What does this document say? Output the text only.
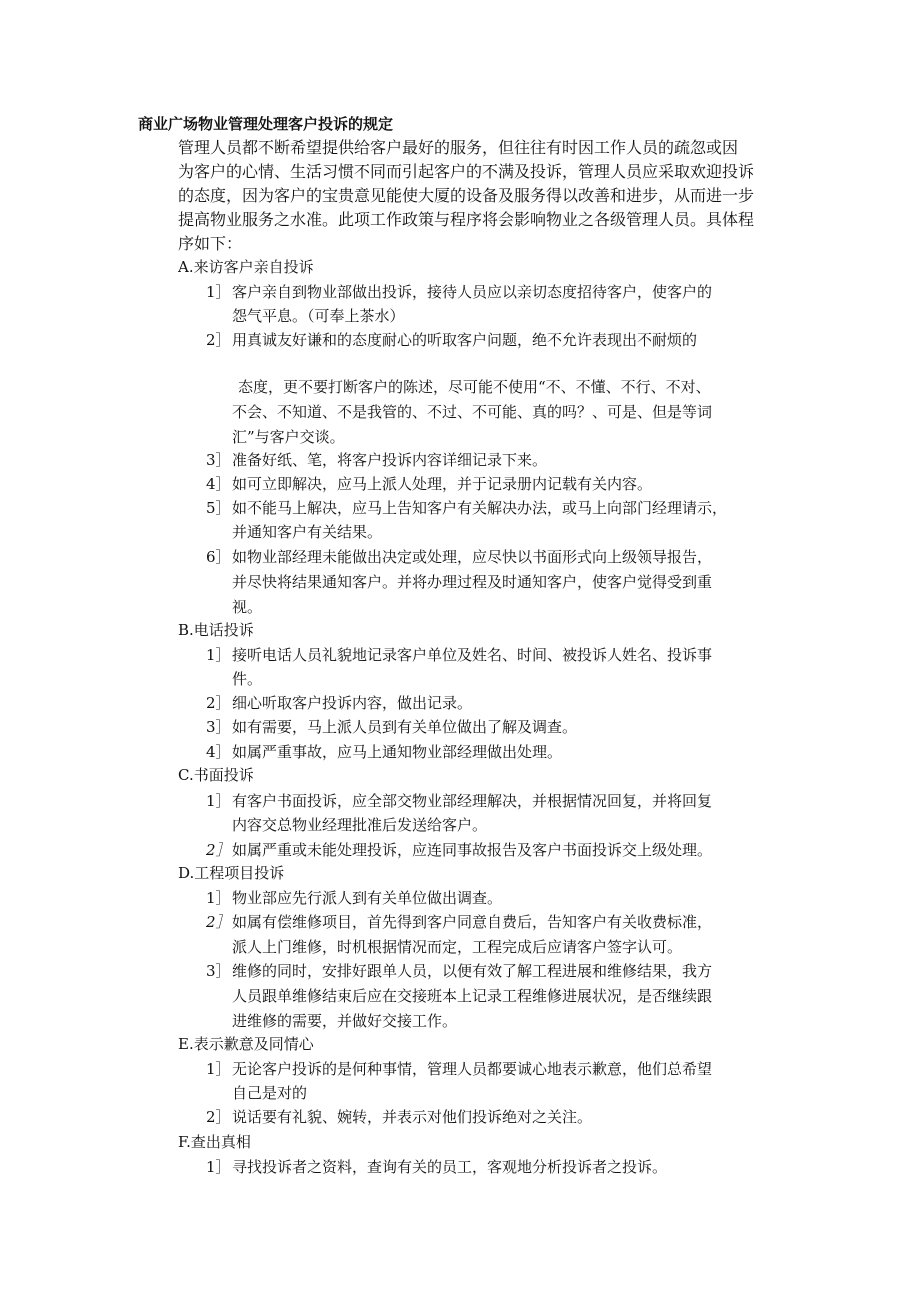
商业广场物业管理处理客户投诉的规定
管理人员都不断希望提供给客户最好的服务，但往往有时因工作人员的疏忽或因
为客户的心情、生活习惯不同而引起客户的不满及投诉，管理人员应采取欢迎投诉
的态度，因为客户的宝贵意见能使大厦的设备及服务得以改善和进步，从而进一步
提高物业服务之水准。此项工作政策与程序将会影响物业之各级管理人员。具体程
序如下：
A.来访客户亲自投诉
1］客户亲自到物业部做出投诉，接待人员应以亲切态度招待客户，使客户的
怨气平息。（可奉上茶水）
2］用真诚友好谦和的态度耐心的听取客户问题，绝不允许表现出不耐烦的
态度，更不要打断客户的陈述，尽可能不使用“不、不懂、不行、不对、
不会、不知道、不是我管的、不过、不可能、真的吗？、可是、但是等词
汇”与客户交谈。
3］准备好纸、笔，将客户投诉内容详细记录下来。
4］如可立即解决，应马上派人处理，并于记录册内记载有关内容。
5］如不能马上解决，应马上告知客户有关解决办法，或马上向部门经理请示，
并通知客户有关结果。
6］如物业部经理未能做出决定或处理，应尽快以书面形式向上级领导报告，
并尽快将结果通知客户。并将办理过程及时通知客户，使客户觉得受到重
视。
B.电话投诉
1］接听电话人员礼貌地记录客户单位及姓名、时间、被投诉人姓名、投诉事
件。
2］细心听取客户投诉内容，做出记录。
3］如有需要，马上派人员到有关单位做出了解及调查。
4］如属严重事故，应马上通知物业部经理做出处理。
C.书面投诉
1］有客户书面投诉，应全部交物业部经理解决，并根据情况回复，并将回复
内容交总物业经理批准后发送给客户。
2］如属严重或未能处理投诉，应连同事故报告及客户书面投诉交上级处理。
D.工程项目投诉
1］物业部应先行派人到有关单位做出调查。
2］如属有偿维修项目，首先得到客户同意自费后，告知客户有关收费标准，
派人上门维修，时机根据情况而定，工程完成后应请客户签字认可。
3］维修的同时，安排好跟单人员，以便有效了解工程进展和维修结果，我方
人员跟单维修结束后应在交接班本上记录工程维修进展状况，是否继续跟
进维修的需要，并做好交接工作。
E.表示歉意及同情心
1］无论客户投诉的是何种事情，管理人员都要诚心地表示歉意，他们总希望
自己是对的
2］说话要有礼貌、婉转，并表示对他们投诉绝对之关注。
F.查出真相
1］寻找投诉者之资料，查询有关的员工，客观地分析投诉者之投诉。
